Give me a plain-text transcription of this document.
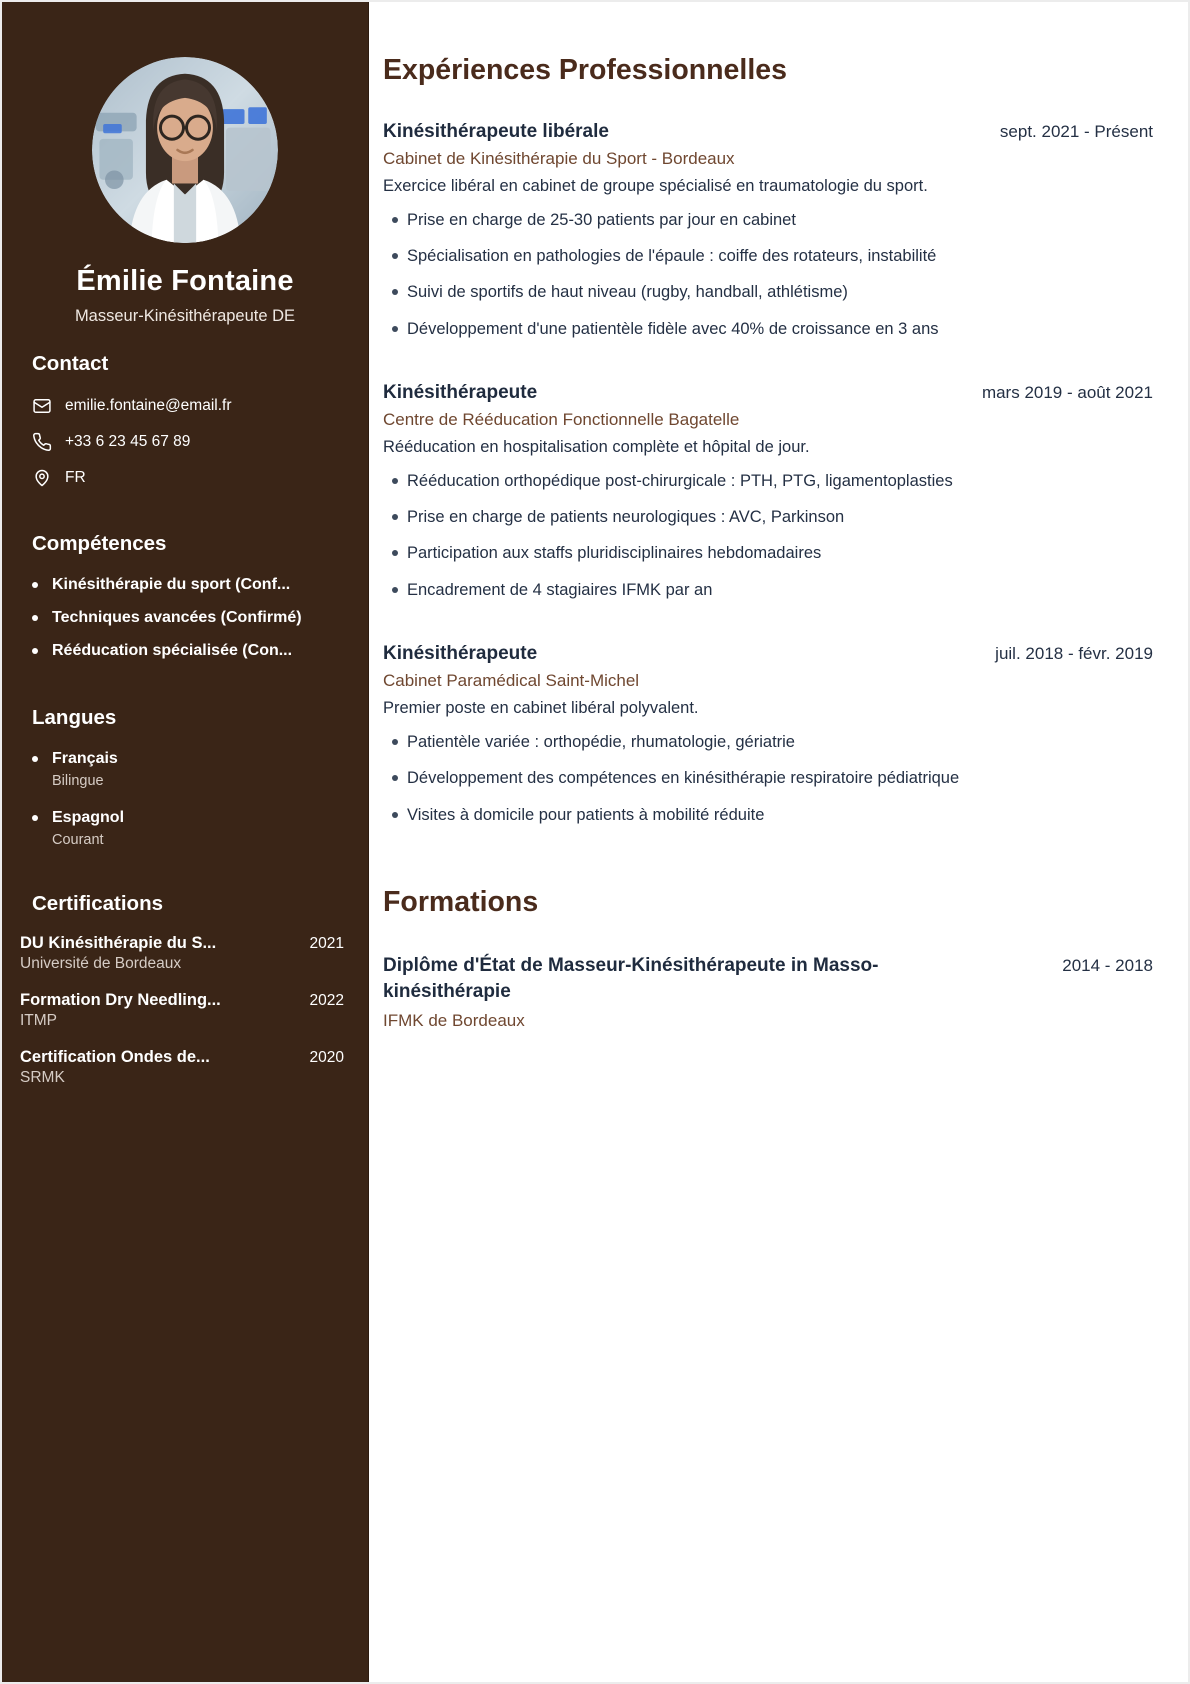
Émilie Fontaine
Masseur-Kinésithérapeute DE
Contact
emilie.fontaine@email.fr
+33 6 23 45 67 89
FR
Compétences
Kinésithérapie du sport (Conf...
Techniques avancées (Confirmé)
Rééducation spécialisée (Con...
Langues
Français
Bilingue
Espagnol
Courant
Certifications
DU Kinésithérapie du S...	2021
Université de Bordeaux
Formation Dry Needling...	2022
ITMP
Certification Ondes de...	2020
SRMK
Expériences Professionnelles
Kinésithérapeute libérale	sept. 2021 - Présent
Cabinet de Kinésithérapie du Sport - Bordeaux
Exercice libéral en cabinet de groupe spécialisé en traumatologie du sport.
Prise en charge de 25-30 patients par jour en cabinet
Spécialisation en pathologies de l'épaule : coiffe des rotateurs, instabilité
Suivi de sportifs de haut niveau (rugby, handball, athlétisme)
Développement d'une patientèle fidèle avec 40% de croissance en 3 ans
Kinésithérapeute	mars 2019 - août 2021
Centre de Rééducation Fonctionnelle Bagatelle
Rééducation en hospitalisation complète et hôpital de jour.
Rééducation orthopédique post-chirurgicale : PTH, PTG, ligamentoplasties
Prise en charge de patients neurologiques : AVC, Parkinson
Participation aux staffs pluridisciplinaires hebdomadaires
Encadrement de 4 stagiaires IFMK par an
Kinésithérapeute	juil. 2018 - févr. 2019
Cabinet Paramédical Saint-Michel
Premier poste en cabinet libéral polyvalent.
Patientèle variée : orthopédie, rhumatologie, gériatrie
Développement des compétences en kinésithérapie respiratoire pédiatrique
Visites à domicile pour patients à mobilité réduite
Formations
Diplôme d'État de Masseur-Kinésithérapeute in Masso-kinésithérapie
2014 - 2018
IFMK de Bordeaux
